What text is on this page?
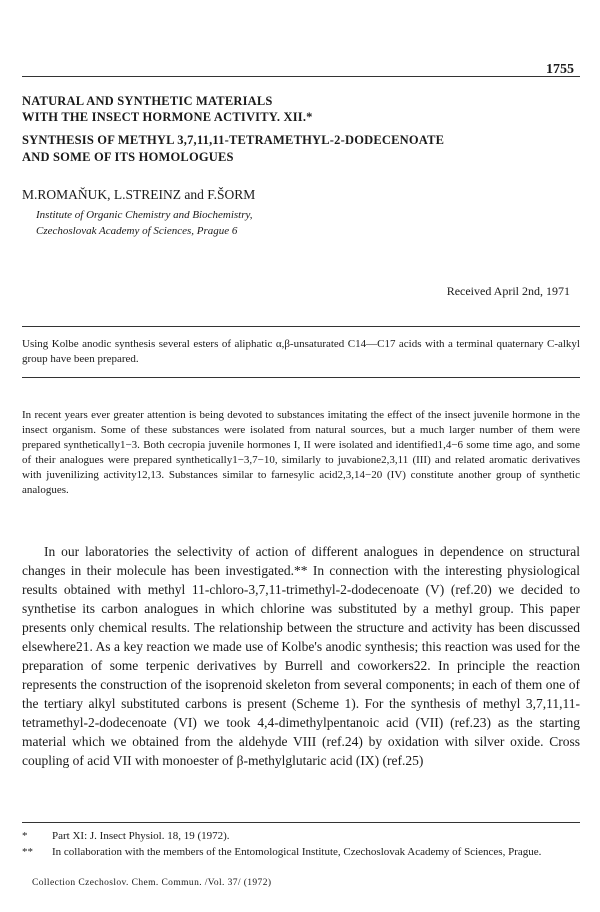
1755
NATURAL AND SYNTHETIC MATERIALS
WITH THE INSECT HORMONE ACTIVITY. XII.*
SYNTHESIS OF METHYL 3,7,11,11-TETRAMETHYL-2-DODECENOATE
AND SOME OF ITS HOMOLOGUES
M.ROMAŇUK, L.STREINZ and F.ŠORM
Institute of Organic Chemistry and Biochemistry,
Czechoslovak Academy of Sciences, Prague 6
Received April 2nd, 1971
Using Kolbe anodic synthesis several esters of aliphatic α,β-unsaturated C14—C17 acids with a terminal quaternary C-alkyl group have been prepared.
In recent years ever greater attention is being devoted to substances imitating the effect of the insect juvenile hormone in the insect organism. Some of these substances were isolated from natural sources, but a much larger number of them were prepared synthetically1−3. Both cecropia juvenile hormones I, II were isolated and identified1,4−6 some time ago, and some of their analogues were prepared synthetically1−3,7−10, similarly to juvabione2,3,11 (III) and related aromatic derivatives with juvenilizing activity12,13. Substances similar to farnesylic acid2,3,14−20 (IV) constitute another group of synthetic analogues.
In our laboratories the selectivity of action of different analogues in dependence on structural changes in their molecule has been investigated.** In connection with the interesting physiological results obtained with methyl 11-chloro-3,7,11-trimethyl-2-dodecenoate (V) (ref.20) we decided to synthetise its carbon analogues in which chlorine was substituted by a methyl group. This paper presents only chemical results. The relationship between the structure and activity has been discussed elsewhere21. As a key reaction we made use of Kolbe's anodic synthesis; this reaction was used for the preparation of some terpenic derivatives by Burrell and coworkers22. In principle the reaction represents the construction of the isoprenoid skeleton from several components; in each of them one of the tertiary alkyl substituted carbons is present (Scheme 1). For the synthesis of methyl 3,7,11,11-tetramethyl-2-dodecenoate (VI) we took 4,4-dimethylpentanoic acid (VII) (ref.23) as the starting material which we obtained from the aldehyde VIII (ref.24) by oxidation with silver oxide. Cross coupling of acid VII with monoester of β-methylglutaric acid (IX) (ref.25)
* Part XI: J. Insect Physiol. 18, 19 (1972).
** In collaboration with the members of the Entomological Institute, Czechoslovak Academy of Sciences, Prague.
Collection Czechoslov. Chem. Commun. /Vol. 37/ (1972)
